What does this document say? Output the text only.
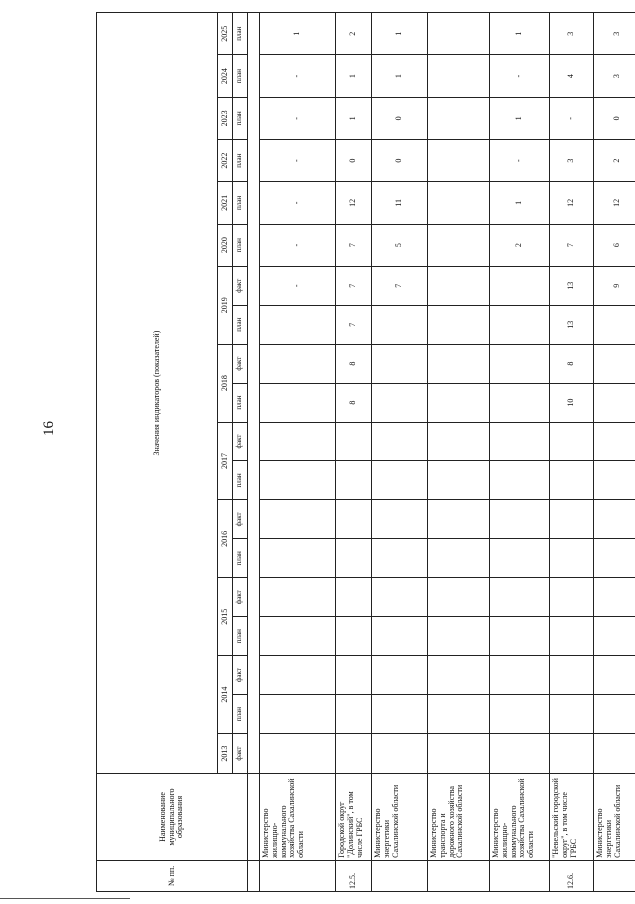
16
№ пп.	Наименование муниципального образования	Значения индикаторов (показателей)																		
		2013	2014		2015		2016		2017		2018		2019		2020	2021	2022	2023	2024	2025
		факт	план	факт	план	факт	план	факт	план	факт	план	факт	план	факт	план	план	план	план	план	план

	Министерство жилищно-коммунального хозяйства Сахалинской области													-	-	-	-	-	-	1
12.5.	Городской округ "Долинский", в том числе ГРБС										8	8	7	7	7	12	0	1	1	2
	Министерство энергетики Сахалинской области													7	5	11	0	0	1	1
	Министерство транспорта и дорожного хозяйства Сахалинской области																			
	Министерство жилищно-коммунального хозяйства Сахалинской области														2	1	-	1	-	1
12.6.	"Невельский городской округ", в том числе ГРБС										10	8	13	13	7	12	3	-	4	3
	Министерство энергетики Сахалинской области													9	6	12	2	0	3	3
